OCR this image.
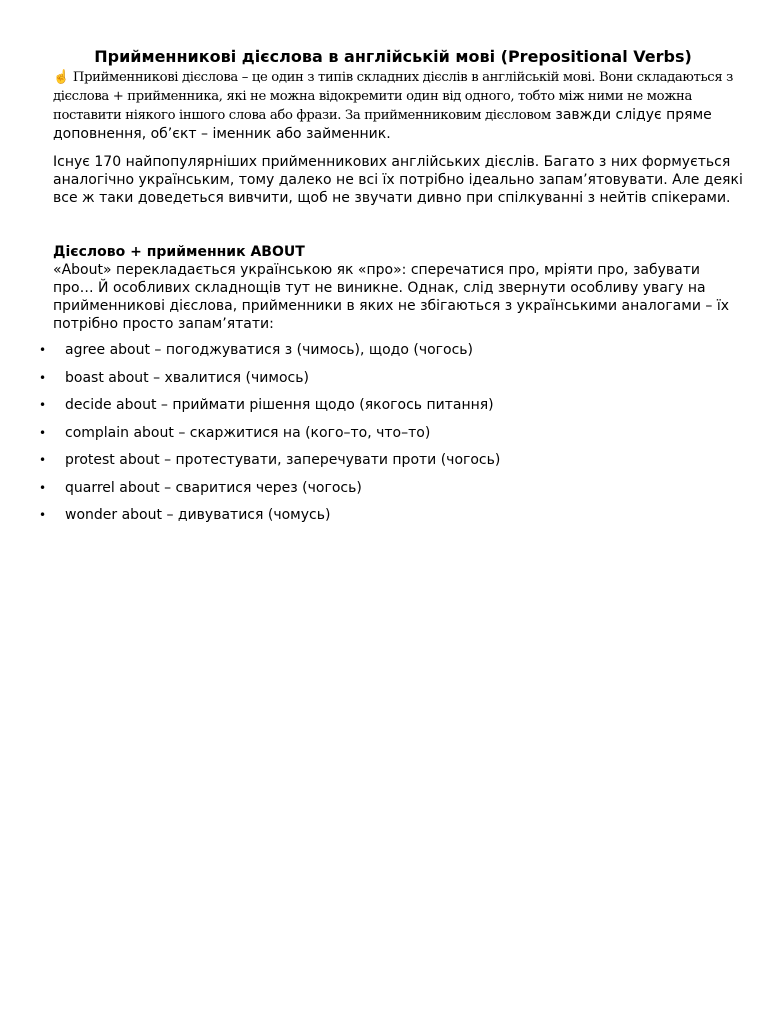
Прийменникові дієслова в англійській мові (Prepositional Verbs)

☝ Прийменникові дієслова – це один з типів складних дієслів в англійській мові. Вони складаються з дієслова + прийменника, які не можна відокремити один від одного, тобто між ними не можна поставити ніякого іншого слова або фрази. За прийменниковим дієсловом завжди слідує пряме доповнення, об’єкт – іменник або займенник.

Існує 170 найпопулярніших прийменникових англійських дієслів. Багато з них формується аналогічно українським, тому далеко не всі їх потрібно ідеально запам’ятовувати. Але деякі все ж таки доведеться вивчити, щоб не звучати дивно при спілкуванні з нейтів спікерами.

Дієслово + прийменник ABOUT

«About» перекладається українською як «про»: сперечатися про, мріяти про, забувати про… Й особливих складнощів тут не виникне. Однак, слід звернути особливу увагу на прийменникові дієслова, прийменники в яких не збігаються з українськими аналогами – їх потрібно просто запам’ятати:

• agree about – погоджуватися з (чимось), щодо (чогось)
• boast about – хвалитися (чимось)
• decide about – приймати рішення щодо (якогось питання)
• complain about – скаржитися на (кого–то, что–то)
• protest about – протестувати, заперечувати проти (чогось)
• quarrel about – сваритися через (чогось)
• wonder about – дивуватися (чомусь)
